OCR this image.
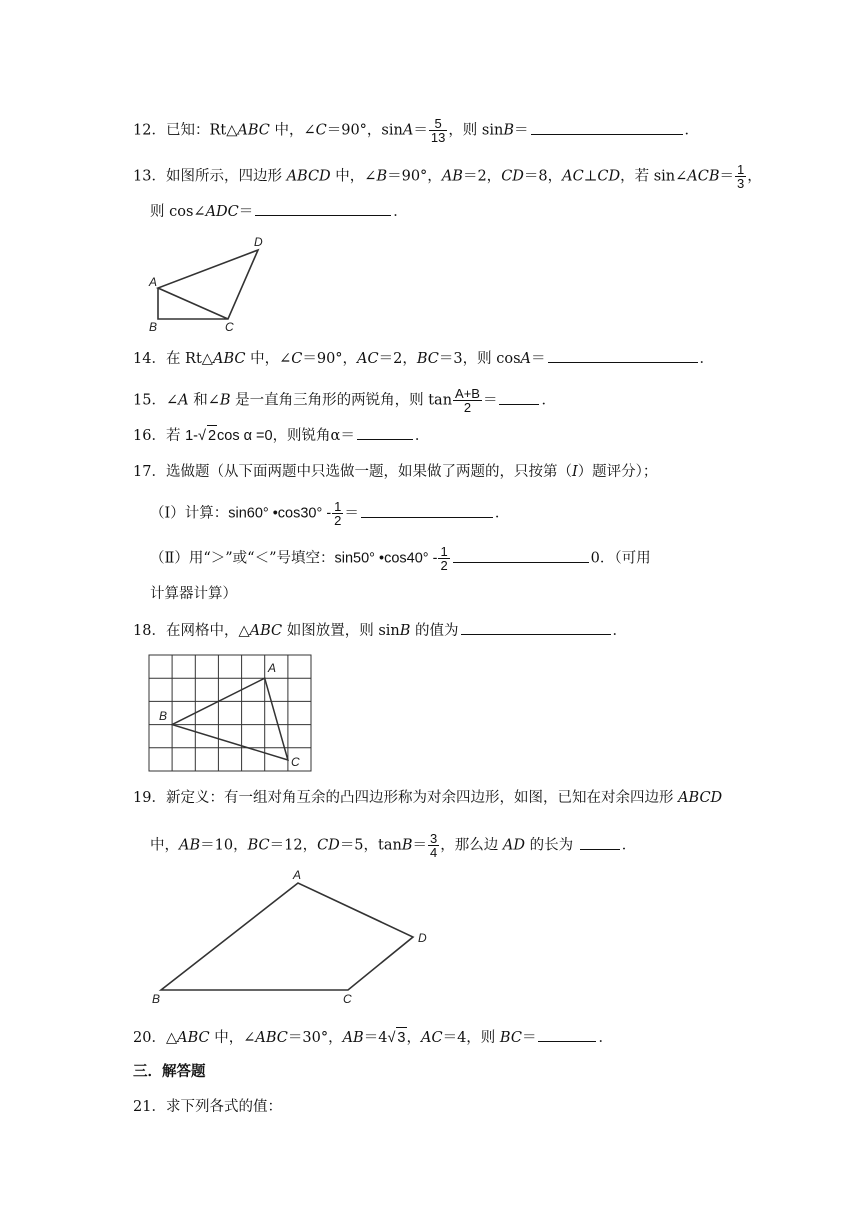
12．已知：Rt△ABC 中，∠C＝90°，$\sin A= \frac{5}{13}$ ，则 sinB＝	．
13．如图所示，四边形 ABCD 中，∠B＝90°，AB＝2，CD＝8，AC⊥CD，若 sin∠ACB＝ $\frac{1}{3}$ ，
则 cos∠ADC＝	．
A
B	C
D
14．在 Rt△ABC 中，∠C＝90°，AC＝2，BC＝3，则 cosA＝	．
15．∠A 和∠B 是一直角三角形的两锐角，则 $\tan \frac{A+B}{2}$ ＝	．
16．若 1-√ 2cos α =0，则锐角α＝	．
17．选做题（从下面两题中只选做一题，如果做了两题的，只按第（I）题评分）；
（Ⅰ）计算：sin60° •cos30° - $\frac{1}{2}$ ＝	．
（Ⅱ）用“＞”或“＜”号填空：sin50° •cos40° - $\frac{1}{2}$	0．（可用
计算器计算）
18．在网格中，△ABC 如图放置，则 sinB 的值为	．
A
B
C
19．新定义：有一组对角互余的凸四边形称为对余四边形，如图，已知在对余四边形 ABCD
中，AB＝10，BC＝12，CD＝5，$\tan B= \frac{3}{4}$ ，那么边 AD 的长为	．
A
B	C
D
20．△ABC 中，∠ABC＝30°，AB＝4√ 3，AC＝4，则 BC＝	．
三．解答题
21．求下列各式的值：
